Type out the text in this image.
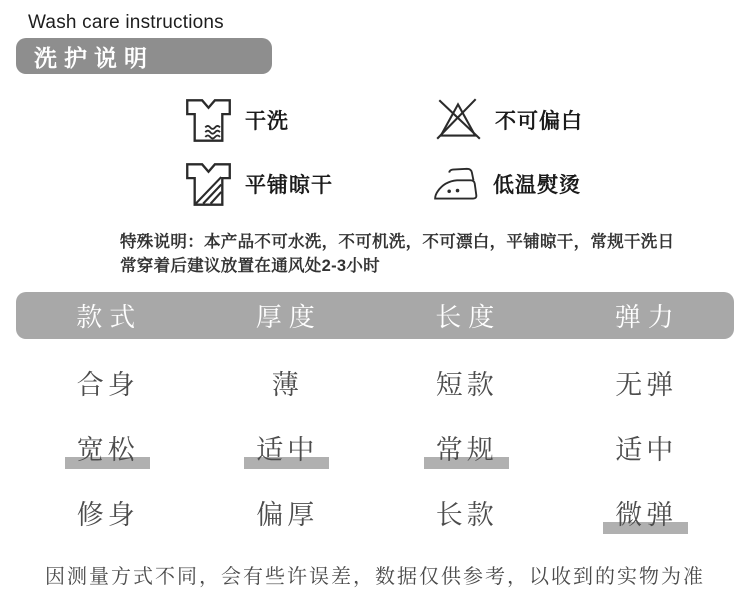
Wash care instructions
洗护说明
干洗	不可偏白
平铺晾干	低温熨烫
特殊说明：本产品不可水洗，不可机洗，不可漂白，平铺晾干，常规干洗日
常穿着后建议放置在通风处2-3小时
款式	厚度	长度	弹力
合身	薄	短款	无弹
宽松	适中	常规	适中
修身	偏厚	长款	微弹
因测量方式不同，会有些许误差，数据仅供参考，以收到的实物为准
